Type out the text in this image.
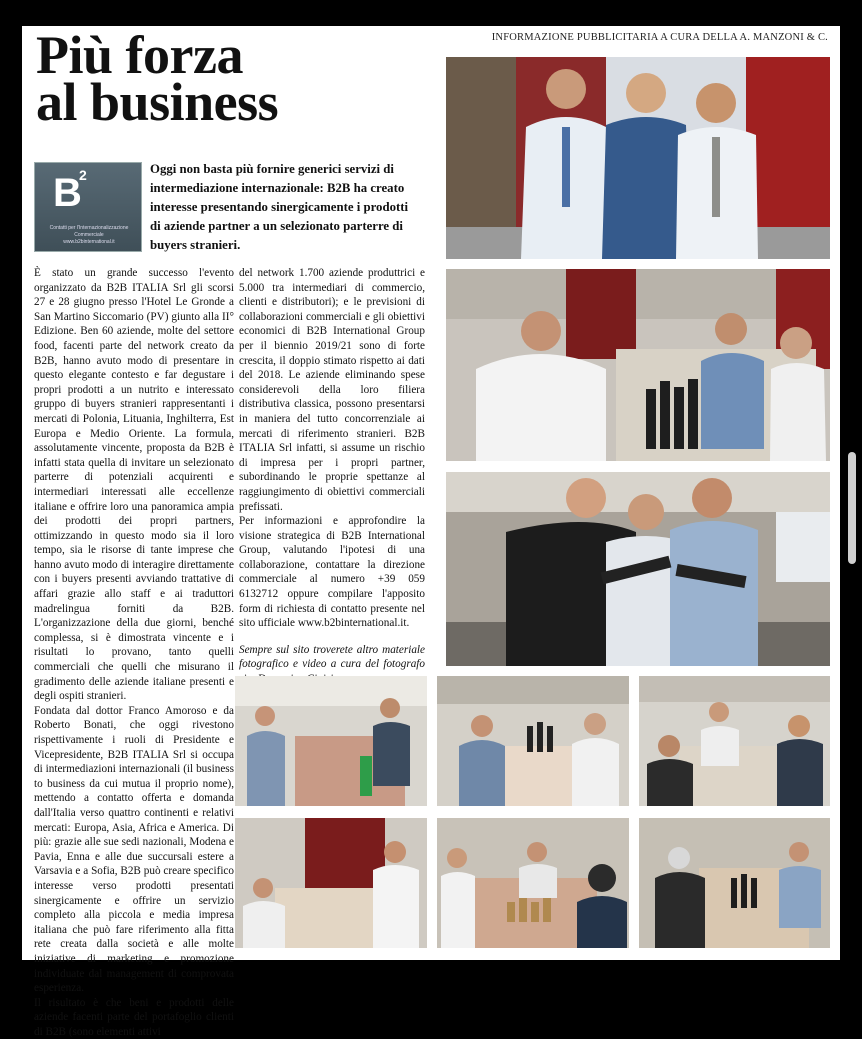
INFORMAZIONE PUBBLICITARIA A CURA DELLA A. MANZONI & C.
Più forza
al business
B
2
Contatti per l'Internazionalizzazione Commerciale
www.b2binternational.it

Oggi non basta più fornire generici servizi di intermediazione internazionale: B2B ha creato interesse presentando sinergicamente i prodotti di aziende partner a un selezionato parterre di buyers stranieri.

È stato un grande successo l'evento organizzato da B2B ITALIA Srl gli scorsi 27 e 28 giugno presso l'Hotel Le Gronde a San Martino Siccomario (PV) giunto alla II° Edizione. Ben 60 aziende, molte del settore food, facenti parte del network creato da B2B, hanno avuto modo di presentare in questo elegante contesto e far degustare i propri prodotti a un nutrito e interessato gruppo di buyers stranieri rappresentanti i mercati di Polonia, Lituania, Inghilterra, Est Europa e Medio Oriente. La formula, assolutamente vincente, proposta da B2B è infatti stata quella di invitare un selezionato parterre di potenziali acquirenti e intermediari interessati alle eccellenze italiane e offrire loro una panoramica ampia dei prodotti dei propri partners, ottimizzando in questo modo sia il loro tempo, sia le risorse di tante imprese che hanno avuto modo di interagire direttamente con i buyers presenti avviando trattative di affari grazie allo staff e ai traduttori madrelingua forniti da B2B. L'organizzazione della due giorni, benché complessa, si è dimostrata vincente e i risultati lo provano, tanto quelli commerciali che quelli che misurano il gradimento delle aziende italiane presenti e degli ospiti stranieri.

Fondata dal dottor Franco Amoroso e da Roberto Bonati, che oggi rivestono rispettivamente i ruoli di Presidente e Vicepresidente, B2B ITALIA Srl si occupa di intermediazioni internazionali (il business to business da cui mutua il proprio nome), mettendo a contatto offerta e domanda dall'Italia verso quattro continenti e relativi mercati: Europa, Asia, Africa e America. Di più: grazie alle sue sedi nazionali, Modena e Pavia, Enna e alle due succursali estere a Varsavia e a Sofia, B2B può creare specifico interesse verso prodotti presentati sinergicamente e offrire un servizio completo alla piccola e media impresa italiana che può fare riferimento alla fitta rete creata dalla società e alle molte iniziative di marketing e promozione individuate dal management di comprovata esperienza.

Il risultato è che beni e prodotti delle aziende facenti parte del portafoglio clienti di B2B (sono elementi attivi

del network 1.700 aziende produttrici e 5.000 tra intermediari di commercio, clienti e distributori); e le previsioni di collaborazioni commerciali e gli obiettivi economici di B2B International Group per il biennio 2019/21 sono di forte crescita, il doppio stimato rispetto ai dati del 2018. Le aziende eliminando spese considerevoli della loro filiera distributiva classica, possono presentarsi in maniera del tutto concorrenziale ai mercati di riferimento stranieri. B2B ITALIA Srl infatti, si assume un rischio di impresa per i propri partner, subordinando le proprie spettanze al raggiungimento di obiettivi commerciali prefissati.

Per informazioni e approfondire la visione strategica di B2B International Group, valutando l'ipotesi di una collaborazione, contattare la direzione commerciale al numero +39 059 6132712 oppure compilare l'apposito form di richiesta di contatto presente nel sito ufficiale www.b2binternational.it.

Sempre sul sito troverete altro materiale fotografico e video a cura del fotografo
